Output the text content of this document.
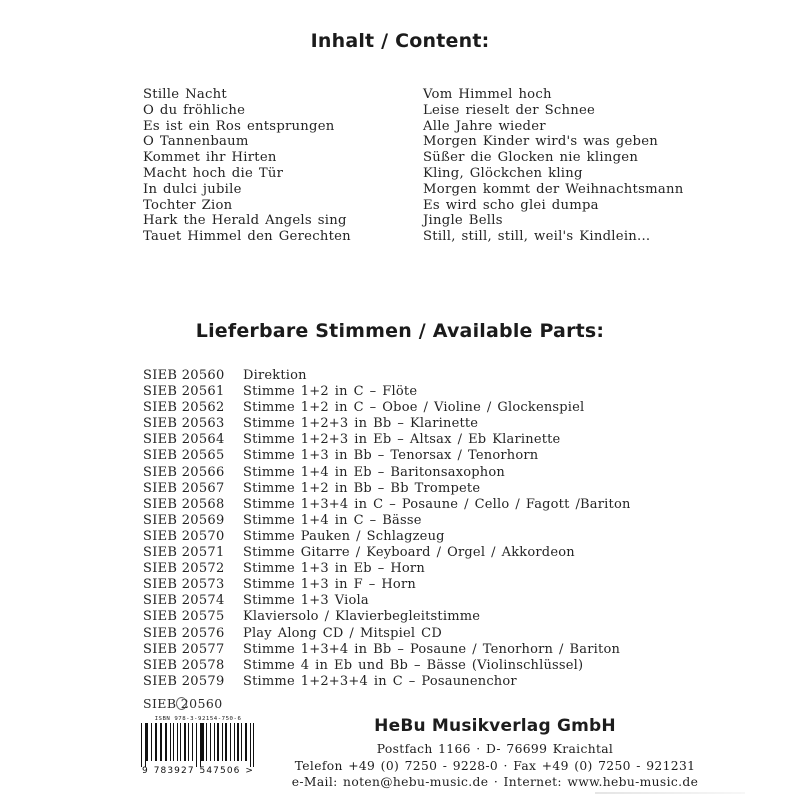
Inhalt / Content:
Stille Nacht
O du fröhliche
Es ist ein Ros entsprungen
O Tannenbaum
Kommet ihr Hirten
Macht hoch die Tür
In dulci jubile
Tochter Zion
Hark the Herald Angels sing
Tauet Himmel den Gerechten
Vom Himmel hoch
Leise rieselt der Schnee
Alle Jahre wieder
Morgen Kinder wird's was geben
Süßer die Glocken nie klingen
Kling, Glöckchen kling
Morgen kommt der Weihnachtsmann
Es wird scho glei dumpa
Jingle Bells
Still, still, still, weil's Kindlein...
Lieferbare Stimmen / Available Parts:
SIEB 20560	Direktion
SIEB 20561	Stimme 1+2 in C – Flöte
SIEB 20562	Stimme 1+2 in C – Oboe / Violine / Glockenspiel
SIEB 20563	Stimme 1+2+3 in Bb – Klarinette
SIEB 20564	Stimme 1+2+3 in Eb – Altsax / Eb Klarinette
SIEB 20565	Stimme 1+3 in Bb – Tenorsax / Tenorhorn
SIEB 20566	Stimme 1+4 in Eb – Baritonsaxophon
SIEB 20567	Stimme 1+2 in Bb – Bb Trompete
SIEB 20568	Stimme 1+3+4 in C – Posaune / Cello / Fagott /Bariton
SIEB 20569	Stimme 1+4 in C – Bässe
SIEB 20570	Stimme Pauken / Schlagzeug
SIEB 20571	Stimme Gitarre / Keyboard / Orgel / Akkordeon
SIEB 20572	Stimme 1+3 in Eb – Horn
SIEB 20573	Stimme 1+3 in F – Horn
SIEB 20574	Stimme 1+3 Viola
SIEB 20575	Klaviersolo / Klavierbegleitstimme
SIEB 20576	Play Along CD / Mitspiel CD
SIEB 20577	Stimme 1+3+4 in Bb – Posaune / Tenorhorn / Bariton
SIEB 20578	Stimme 4 in Eb und Bb – Bässe (Violinschlüssel)
SIEB 20579	Stimme 1+2+3+4 in C – Posaunenchor
SIEB 20560
ISBN 978-3-92154-750-6
9 783927 547506 >
HeBu Musikverlag GmbH
Postfach 1166 · D- 76699 Kraichtal
Telefon +49 (0) 7250 - 9228-0 · Fax +49 (0) 7250 - 921231
e-Mail: noten@hebu-music.de · Internet: www.hebu-music.de
